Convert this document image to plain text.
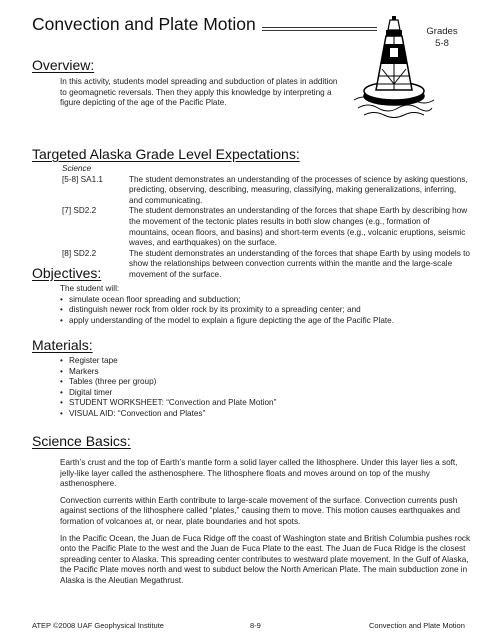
Convection and Plate Motion	Grades
5-8
Overview:
In this activity, students model spreading and subduction of plates in addition to geomagnetic reversals. Then they apply this knowledge by interpreting a figure depicting of the age of the Pacific Plate.
Targeted Alaska Grade Level Expectations:
Science
[5-8] SA1.1	The student demonstrates an understanding of the processes of science by asking questions, predicting, observing, describing, measuring, classifying, making generalizations, inferring, and communicating.
[7] SD2.2	The student demonstrates an understanding of the forces that shape Earth by describing how the movement of the tectonic plates results in both slow changes (e.g., formation of mountains, ocean floors, and basins) and short-term events (e.g., volcanic eruptions, seismic waves, and earthquakes) on the surface.
[8] SD2.2	The student demonstrates an understanding of the forces that shape Earth by using models to show the relationships between convection currents within the mantle and the large-scale movement of the surface.
Objectives:
The student will:
• simulate ocean floor spreading and subduction;
• distinguish newer rock from older rock by its proximity to a spreading center; and
• apply understanding of the model to explain a figure depicting the age of the Pacific Plate.
Materials:
• Register tape
• Markers
• Tables (three per group)
• Digital timer
• STUDENT WORKSHEET: “Convection and Plate Motion”
• VISUAL AID: “Convection and Plates”
Science Basics:

Earth’s crust and the top of Earth’s mantle form a solid layer called the lithosphere. Under this layer lies a soft, jelly-like layer called the asthenosphere. The lithosphere floats and moves around on top of the mushy asthenosphere.

Convection currents within Earth contribute to large-scale movement of the surface. Convection currents push against sections of the lithosphere called “plates,” causing them to move. This motion causes earthquakes and formation of volcanoes at, or near, plate boundaries and hot spots.

In the Pacific Ocean, the Juan de Fuca Ridge off the coast of Washington state and British Columbia pushes rock onto the Pacific Plate to the west and the Juan de Fuca Plate to the east. The Juan de Fuca Ridge is the closest spreading center to Alaska. This spreading center contributes to westward plate movement. In the Gulf of Alaska, the Pacific Plate moves north and west to subduct below the North American Plate. The main subduction zone in Alaska is the Aleutian Megathrust.

ATEP ©2008 UAF Geophysical Institute	8-9	Convection and Plate Motion
